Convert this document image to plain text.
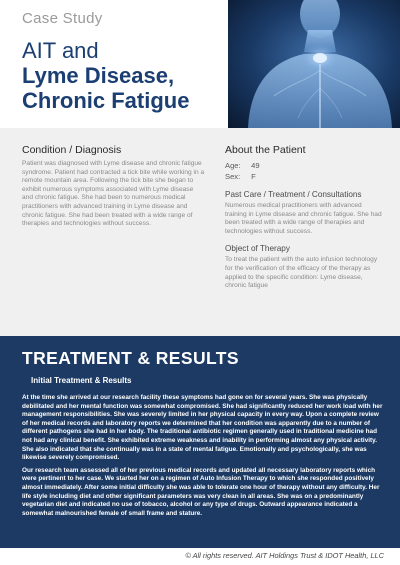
Case Study
AIT and
Lyme Disease,
Chronic Fatigue
Condition / Diagnosis
Patient was diagnosed with Lyme disease and chronic fatigue syndrome. Patient had contracted a tick bite while working in a remote mountain area. Following the tick bite she began to exhibit numerous symptoms associated with Lyme disease and chronic fatigue. She had been to numerous medical practitioners with advanced training in Lyme disease and chronic fatigue. She had been treated with a wide range of therapies and technologies without success.
About the Patient
Age: 49
Sex: F
Past Care / Treatment / Consultations
Numerous medical practitioners with advanced training in Lyme disease and chronic fatigue. She had been treated with a wide range of therapies and technologies without success.
Object of Therapy
To treat the patient with the auto infusion technology for the verification of the efficacy of the therapy as applied to the specific condition: Lyme disease, chronic fatigue
TREATMENT & RESULTS
Initial Treatment & Results

At the time she arrived at our research facility these symptoms had gone on for several years. She was physically debilitated and her mental function was somewhat compromised. She had significantly reduced her work load with her management responsibilities. She was severely limited in her physical capacity in every way. Upon a complete review of her medical records and laboratory reports we determined that her condition was apparently due to a number of different pathogens she had in her body. The traditional antibiotic regimen generally used in traditional medicine had not had any clinical benefit. She exhibited extreme weakness and inability in performing almost any physical activity. She also indicated that she continually was in a state of mental fatigue. Emotionally and psychologically, she was likewise severely compromised.

Our research team assessed all of her previous medical records and updated all necessary laboratory reports which were pertinent to her case. We started her on a regimen of Auto Infusion Therapy to which she responded positively almost immediately. After some initial difficulty she was able to tolerate one hour of therapy without any difficulty. Her life style including diet and other significant parameters was very clean in all areas. She was on a predominantly vegetarian diet and indicated no use of tobacco, alcohol or any type of drugs. Outward appearance indicated a somewhat malnourished female of small frame and stature.

© All rights reserved. AIT Holdings Trust & IDOT Health, LLC
